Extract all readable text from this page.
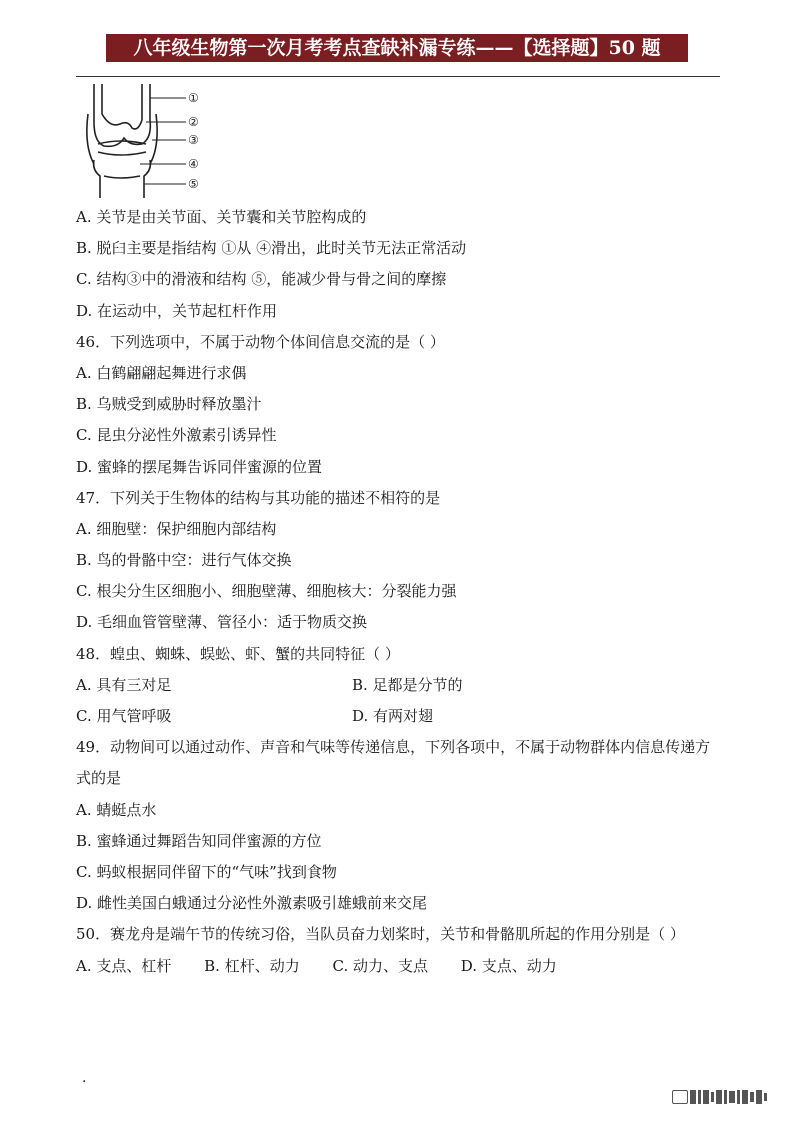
八年级生物第一次月考考点查缺补漏专练——【选择题】50 题
①
②
③
④
⑤
A. 关节是由关节面、关节囊和关节腔构成的
B. 脱臼主要是指结构 ①从 ④滑出，此时关节无法正常活动
C. 结构③中的滑液和结构 ⑤，能减少骨与骨之间的摩擦
D. 在运动中，关节起杠杆作用
46．下列选项中，不属于动物个体间信息交流的是（ ）
A. 白鹤翩翩起舞进行求偶
B. 乌贼受到威胁时释放墨汁
C. 昆虫分泌性外激素引诱异性
D. 蜜蜂的摆尾舞告诉同伴蜜源的位置
47．下列关于生物体的结构与其功能的描述不相符的是
A. 细胞壁：保护细胞内部结构
B. 鸟的骨骼中空：进行气体交换
C. 根尖分生区细胞小、细胞壁薄、细胞核大：分裂能力强
D. 毛细血管管壁薄、管径小：适于物质交换
48．蝗虫、蜘蛛、蜈蚣、虾、蟹的共同特征（ ）
A. 具有三对足	B. 足都是分节的
C. 用气管呼吸	D. 有两对翅
49．动物间可以通过动作、声音和气味等传递信息，下列各项中，不属于动物群体内信息传递方式的是
A. 蜻蜓点水
B. 蜜蜂通过舞蹈告知同伴蜜源的方位
C. 蚂蚁根据同伴留下的“气味”找到食物
D. 雌性美国白蛾通过分泌性外激素吸引雄蛾前来交尾
50．赛龙舟是端午节的传统习俗，当队员奋力划桨时，关节和骨骼肌所起的作用分别是（ ）
A. 支点、杠杆 B. 杠杆、动力 C. 动力、支点 D. 支点、动力
.
